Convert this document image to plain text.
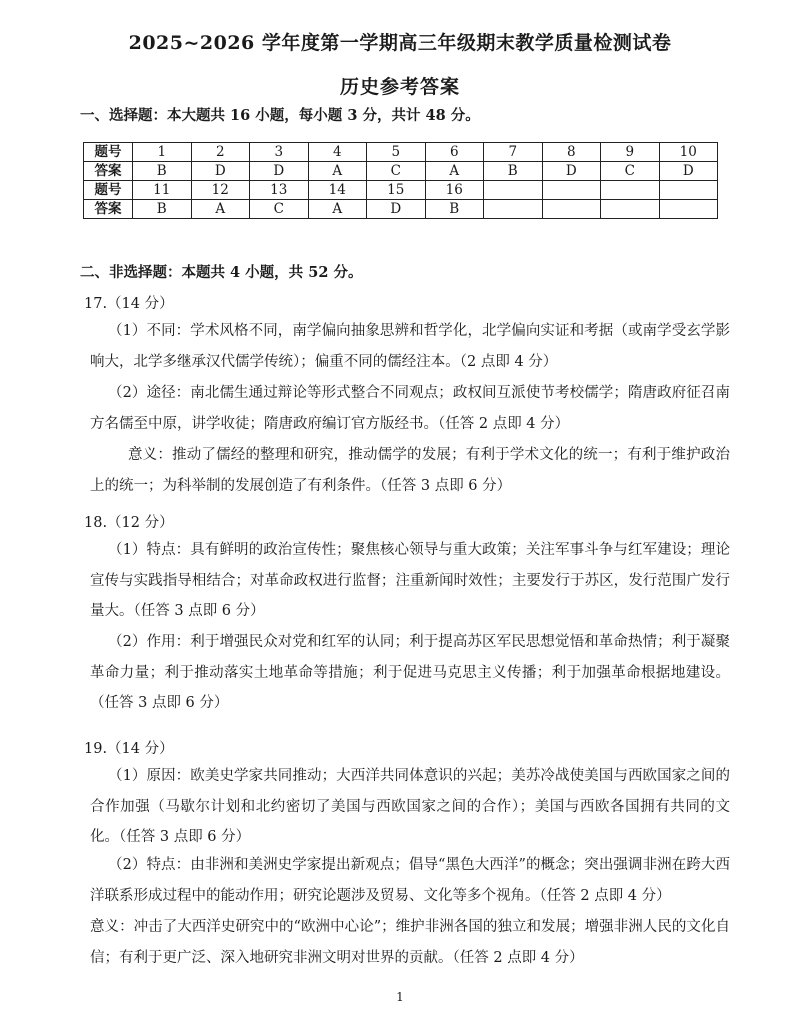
2025~2026 学年度第一学期高三年级期末教学质量检测试卷
历史参考答案
一、选择题：本大题共 16 小题，每小题 3 分，共计 48 分。
题号	1	2	3	4	5	6	7	8	9	10
答案	B	D	D	A	C	A	B	D	C	D
题号	11	12	13	14	15	16				
答案	B	A	C	A	D	B				
二、非选择题：本题共 4 小题，共 52 分。
17.（14 分）
（1）不同：学术风格不同，南学偏向抽象思辨和哲学化，北学偏向实证和考据（或南学受玄学影响大，北学多继承汉代儒学传统）；偏重不同的儒经注本。（2 点即 4 分）
（2）途径：南北儒生通过辩论等形式整合不同观点；政权间互派使节考校儒学；隋唐政府征召南方名儒至中原，讲学收徒；隋唐政府编订官方版经书。（任答 2 点即 4 分）
意义：推动了儒经的整理和研究，推动儒学的发展；有利于学术文化的统一；有利于维护政治上的统一；为科举制的发展创造了有利条件。（任答 3 点即 6 分）
18.（12 分）
（1）特点：具有鲜明的政治宣传性；聚焦核心领导与重大政策；关注军事斗争与红军建设；理论宣传与实践指导相结合；对革命政权进行监督；注重新闻时效性；主要发行于苏区，发行范围广发行量大。（任答 3 点即 6 分）
（2）作用：利于增强民众对党和红军的认同；利于提高苏区军民思想觉悟和革命热情；利于凝聚革命力量；利于推动落实土地革命等措施；利于促进马克思主义传播；利于加强革命根据地建设。（任答 3 点即 6 分）
19.（14 分）
（1）原因：欧美史学家共同推动；大西洋共同体意识的兴起；美苏冷战使美国与西欧国家之间的合作加强（马歇尔计划和北约密切了美国与西欧国家之间的合作）；美国与西欧各国拥有共同的文化。（任答 3 点即 6 分）
（2）特点：由非洲和美洲史学家提出新观点；倡导“黑色大西洋”的概念；突出强调非洲在跨大西洋联系形成过程中的能动作用；研究论题涉及贸易、文化等多个视角。（任答 2 点即 4 分）
意义：冲击了大西洋史研究中的“欧洲中心论”；维护非洲各国的独立和发展；增强非洲人民的文化自信；有利于更广泛、深入地研究非洲文明对世界的贡献。（任答 2 点即 4 分）
1
